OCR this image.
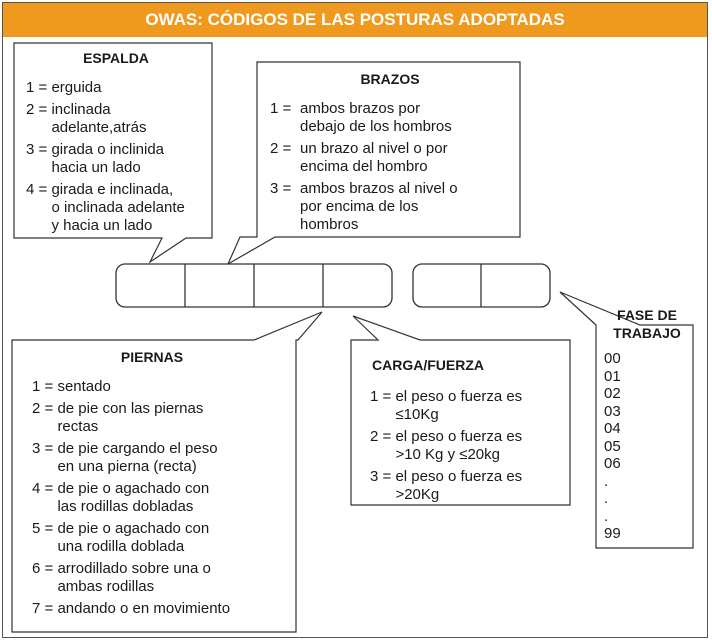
OWAS: CÓDIGOS DE LAS POSTURAS ADOPTADAS
ESPALDA
1 = erguida
2 = inclinada
adelante,atrás
3 = girada o inclinida
hacia un lado
4 = girada e inclinada,
o inclinada adelante
y hacia un lado
BRAZOS
1 = ambos brazos por
debajo de los hombros
2 = un brazo al nivel o por
encima del hombro
3 = ambos brazos al nivel o
por encima de los
hombros
PIERNAS
1 = sentado
2 = de pie con las piernas
rectas
3 = de pie cargando el peso
en una pierna (recta)
4 = de pie o agachado con
las rodillas dobladas
5 = de pie o agachado con
una rodilla doblada
6 = arrodillado sobre una o
ambas rodillas
7 = andando o en movimiento
CARGA/FUERZA
1 = el peso o fuerza es
≤10Kg
2 = el peso o fuerza es
>10 Kg y ≤20kg
3 = el peso o fuerza es
>20Kg
FASE DE
TRABAJO
00
01
02
03
04
05
06
.
.
.
99
